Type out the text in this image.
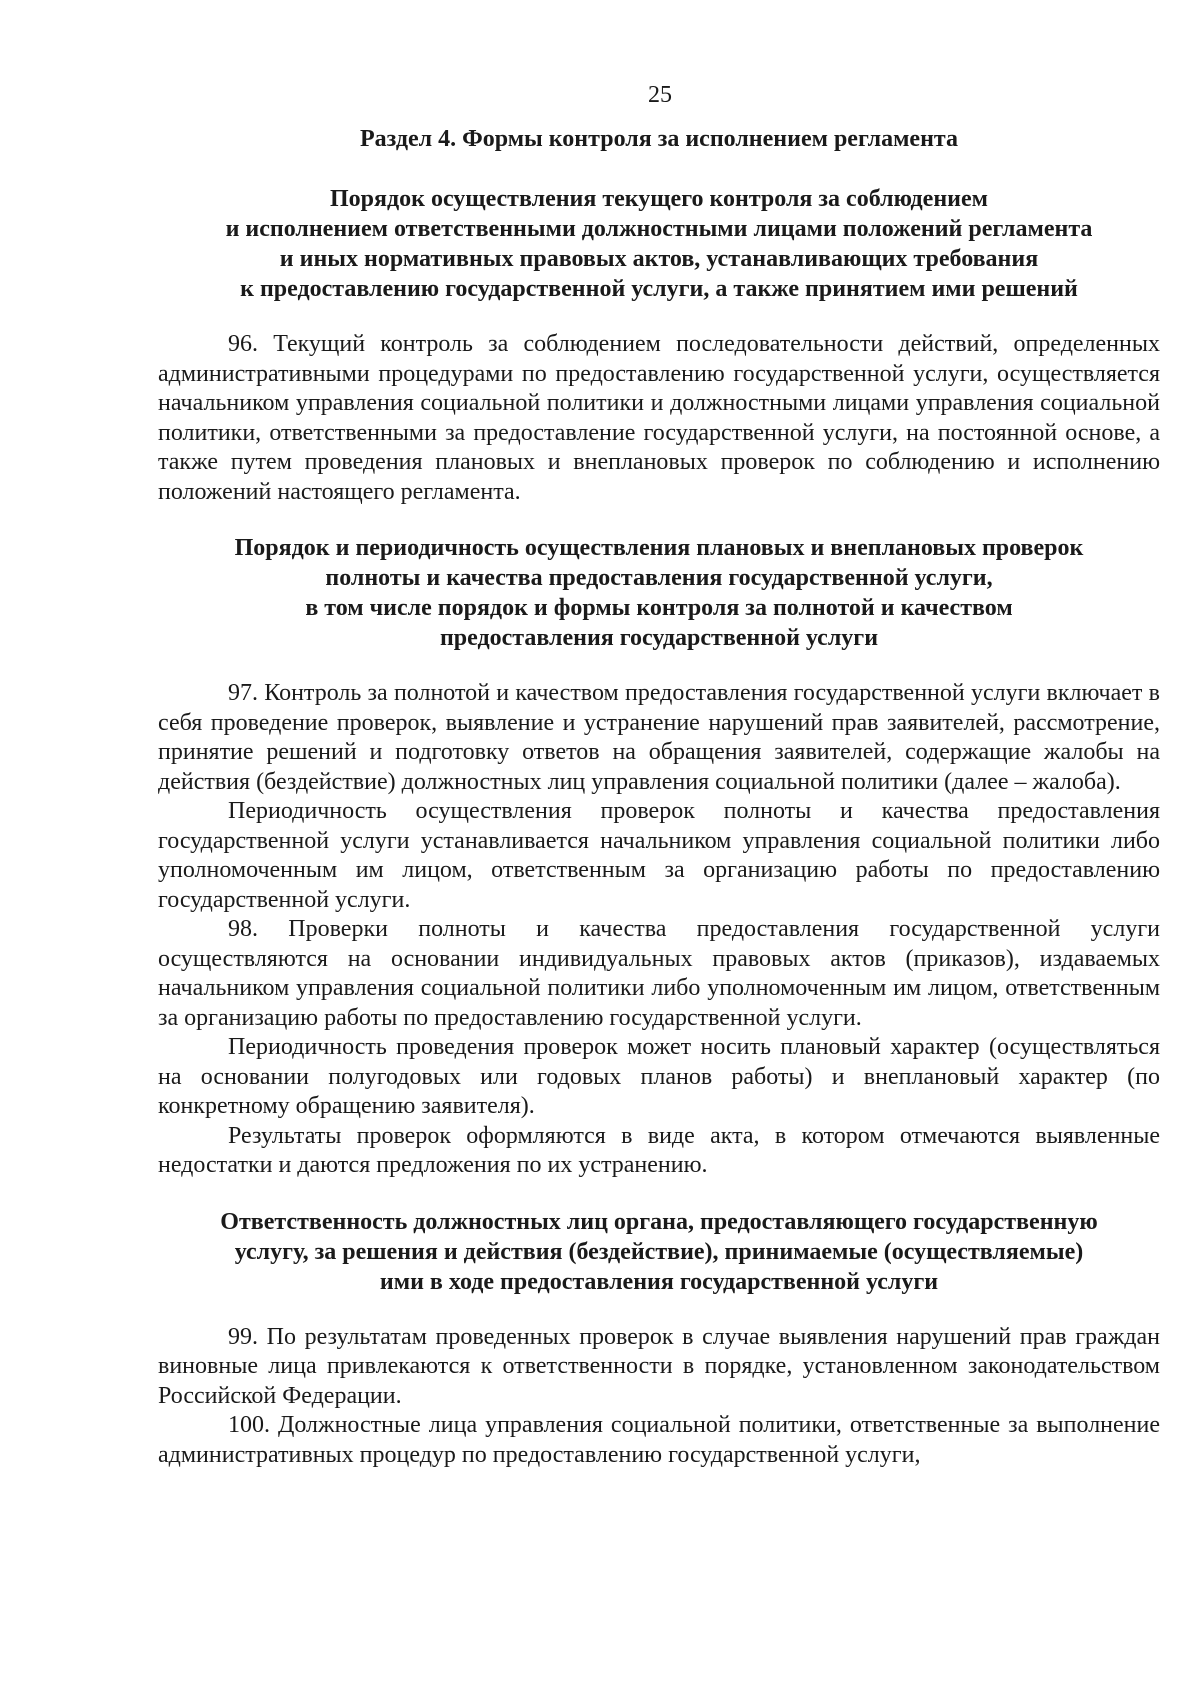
25
Раздел 4. Формы контроля за исполнением регламента
Порядок осуществления текущего контроля за соблюдением
и исполнением ответственными должностными лицами положений регламента
и иных нормативных правовых актов, устанавливающих требования
к предоставлению государственной услуги, а также принятием ими решений

96. Текущий контроль за соблюдением последовательности действий, определенных административными процедурами по предоставлению государственной услуги, осуществляется начальником управления социальной политики и должностными лицами управления социальной политики, ответственными за предоставление государственной услуги, на постоянной основе, а также путем проведения плановых и внеплановых проверок по соблюдению и исполнению положений настоящего регламента.

Порядок и периодичность осуществления плановых и внеплановых проверок
полноты и качества предоставления государственной услуги,
в том числе порядок и формы контроля за полнотой и качеством
предоставления государственной услуги

97. Контроль за полнотой и качеством предоставления государственной услуги включает в себя проведение проверок, выявление и устранение нарушений прав заявителей, рассмотрение, принятие решений и подготовку ответов на обращения заявителей, содержащие жалобы на действия (бездействие) должностных лиц управления социальной политики (далее – жалоба).

Периодичность осуществления проверок полноты и качества предоставления государственной услуги устанавливается начальником управления социальной политики либо уполномоченным им лицом, ответственным за организацию работы по предоставлению государственной услуги.

98. Проверки полноты и качества предоставления государственной услуги осуществляются на основании индивидуальных правовых актов (приказов), издаваемых начальником управления социальной политики либо уполномоченным им лицом, ответственным за организацию работы по предоставлению государственной услуги.

Периодичность проведения проверок может носить плановый характер (осуществляться на основании полугодовых или годовых планов работы) и внеплановый характер (по конкретному обращению заявителя).

Результаты проверок оформляются в виде акта, в котором отмечаются выявленные недостатки и даются предложения по их устранению.

Ответственность должностных лиц органа, предоставляющего государственную
услугу, за решения и действия (бездействие), принимаемые (осуществляемые)
ими в ходе предоставления государственной услуги

99. По результатам проведенных проверок в случае выявления нарушений прав граждан виновные лица привлекаются к ответственности в порядке, установленном законодательством Российской Федерации.

100. Должностные лица управления социальной политики, ответственные за выполнение административных процедур по предоставлению государственной услуги,
